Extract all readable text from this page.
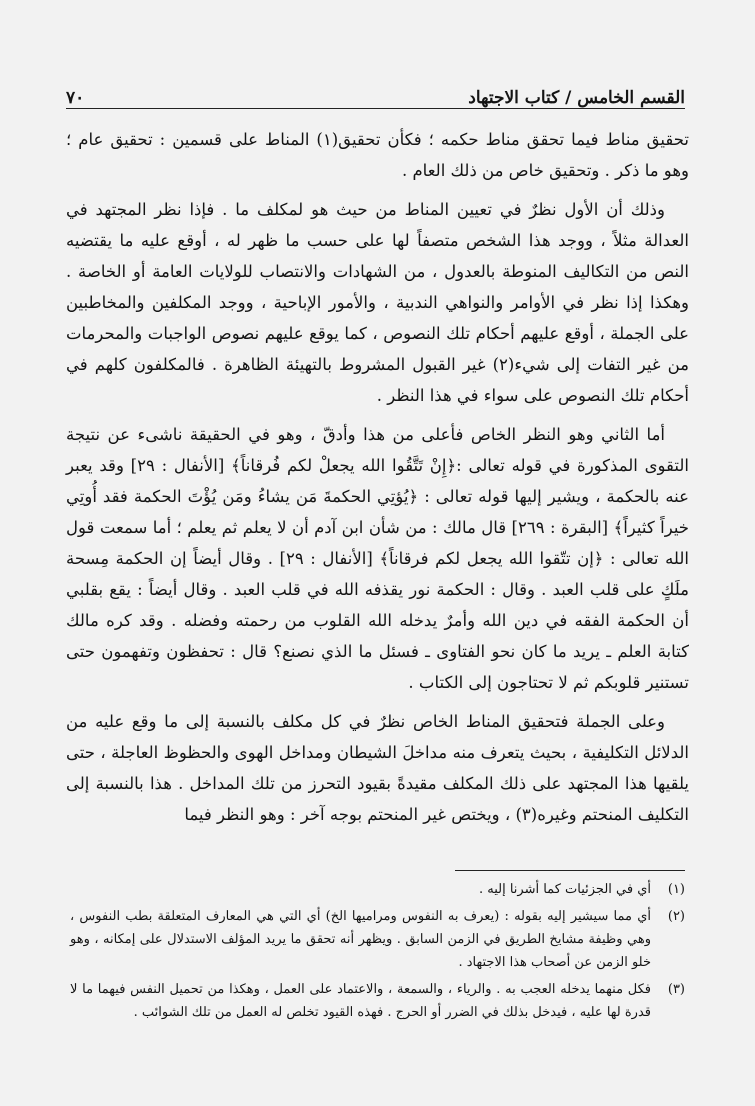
القسم الخامس / كتاب الاجتهاد
٧٠

تحقيق مناط فيما تحقق مناط حكمه ؛ فكأن تحقيق(١) المناط على قسمين : تحقيق عام ؛ وهو ما ذكر . وتحقيق خاص من ذلك العام .

وذلك أن الأول نظرٌ في تعيين المناط من حيث هو لمكلف ما . فإذا نظر المجتهد في العدالة مثلاً ، ووجد هذا الشخص متصفاً لها على حسب ما ظهر له ، أوقع عليه ما يقتضيه النص من التكاليف المنوطة بالعدول ، من الشهادات والانتصاب للولايات العامة أو الخاصة . وهكذا إذا نظر في الأوامر والنواهي الندبية ، والأمور الإباحية ، ووجد المكلفين والمخاطبين على الجملة ، أوقع عليهم أحكام تلك النصوص ، كما يوقع عليهم نصوص الواجبات والمحرمات من غير التفات إلى شيء(٢) غير القبول المشروط بالتهيئة الظاهرة . فالمكلفون كلهم في أحكام تلك النصوص على سواء في هذا النظر .

أما الثاني وهو النظر الخاص فأعلى من هذا وأدقّ ، وهو في الحقيقة ناشىء عن نتيجة التقوى المذكورة في قوله تعالى :﴿إِنْ تَتَّقُوا الله يجعلْ لكم فُرقاناً﴾ [الأنفال : ٢٩] وقد يعبر عنه بالحكمة ، ويشير إليها قوله تعالى : ﴿يُؤتِي الحكمةَ مَن يشاءُ ومَن يُؤْتَ الحكمة فقد أُوتِي خيراً كثيراً﴾ [البقرة : ٢٦٩] قال مالك : من شأن ابن آدم أن لا يعلم ثم يعلم ؛ أما سمعت قول الله تعالى : ﴿إن تتّقوا الله يجعل لكم فرقاناً﴾ [الأنفال : ٢٩] . وقال أيضاً إن الحكمة مِسحة ملَكٍ على قلب العبد . وقال : الحكمة نور يقذفه الله في قلب العبد . وقال أيضاً : يقع بقلبي أن الحكمة الفقه في دين الله وأمرٌ يدخله الله القلوب من رحمته وفضله . وقد كره مالك كتابة العلم ـ يريد ما كان نحو الفتاوى ـ فسئل ما الذي نصنع؟ قال : تحفظون وتفهمون حتى تستنير قلوبكم ثم لا تحتاجون إلى الكتاب .

وعلى الجملة فتحقيق المناط الخاص نظرٌ في كل مكلف بالنسبة إلى ما وقع عليه من الدلائل التكليفية ، بحيث يتعرف منه مداخلَ الشيطان ومداخل الهوى والحظوظ العاجلة ، حتى يلقيها هذا المجتهد على ذلك المكلف مقيدةً بقيود التحرز من تلك المداخل . هذا بالنسبة إلى التكليف المنحتم وغيره(٣) ، ويختص غير المنحتم بوجه آخر : وهو النظر فيما

(١)
أي في الجزئيات كما أشرنا إليه .
(٢)
أي مما سيشير إليه بقوله : (يعرف به النفوس ومراميها الخ) أي التي هي المعارف المتعلقة بطب النفوس ، وهي وظيفة مشايخ الطريق في الزمن السابق . ويظهر أنه تحقق ما يريد المؤلف الاستدلال على إمكانه ، وهو خلو الزمن عن أصحاب هذا الاجتهاد .
(٣)
فكل منهما يدخله العجب به . والرياء ، والسمعة ، والاعتماد على العمل ، وهكذا من تحميل النفس فيهما ما لا قدرة لها عليه ، فيدخل بذلك في الضرر أو الحرج . فهذه القيود تخلص له العمل من تلك الشوائب .
